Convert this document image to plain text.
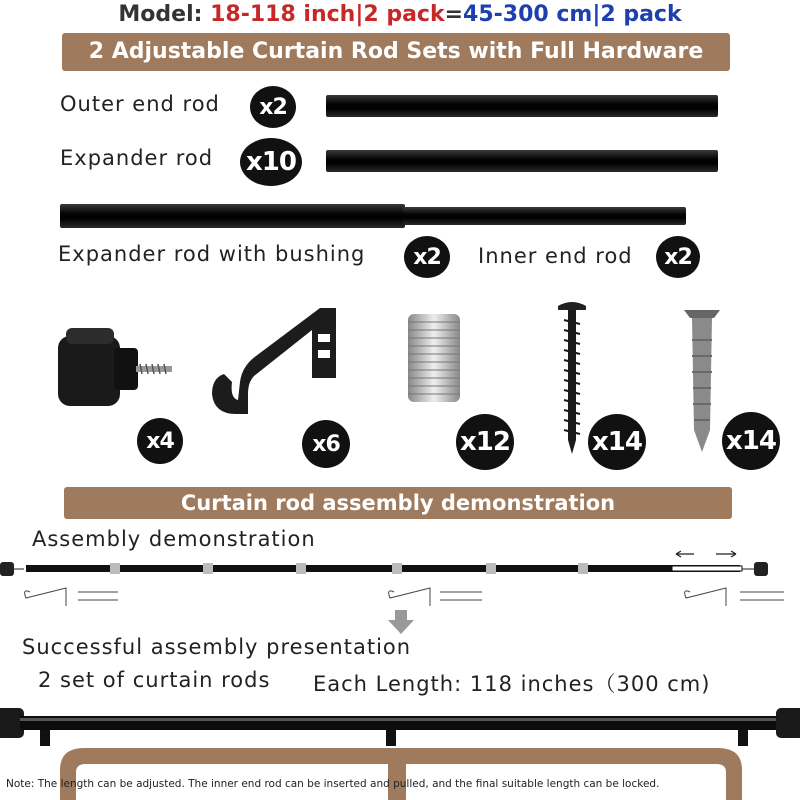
Model: 18-118 inch|2 pack=45-300 cm|2 pack
2 Adjustable Curtain Rod Sets with Full Hardware
Outer end rod	x2
Expander rod x10
Expander rod with bushing	x2	Inner end rod	x2
x4	x6	x12	x14	x14
Curtain rod assembly demonstration
Assembly demonstration
Successful assembly presentation
2 set of curtain rods Each Length: 118 inches（300 cm)
Note: The length can be adjusted. The inner end rod can be inserted and pulled, and the final suitable length can be locked.
